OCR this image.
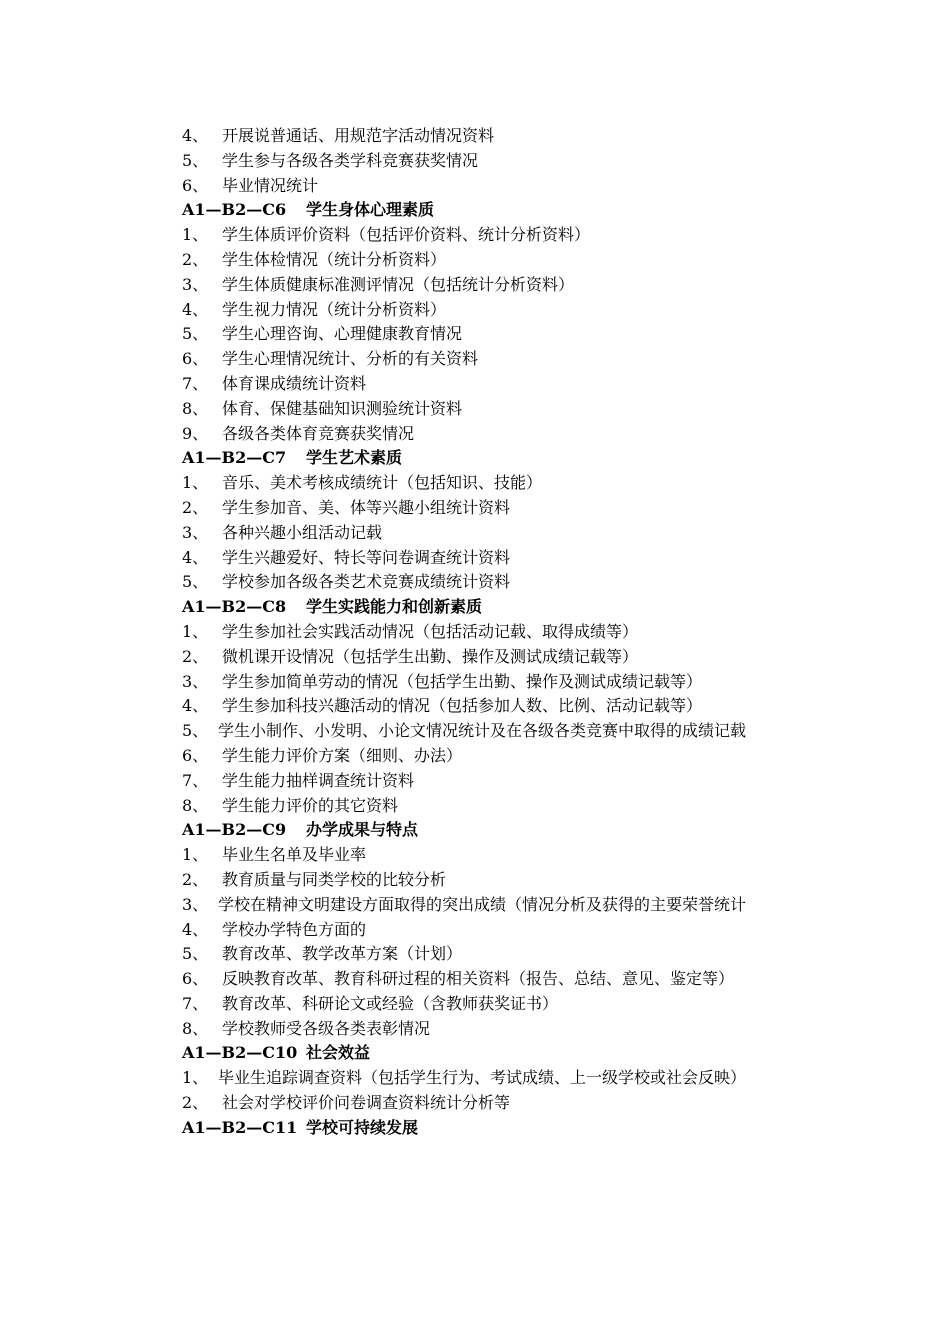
4、 开展说普通话、用规范字活动情况资料
5、 学生参与各级各类学科竞赛获奖情况
6、 毕业情况统计
A1—B2—C6 学生身体心理素质
1、 学生体质评价资料（包括评价资料、统计分析资料）
2、 学生体检情况（统计分析资料）
3、 学生体质健康标准测评情况（包括统计分析资料）
4、 学生视力情况（统计分析资料）
5、 学生心理咨询、心理健康教育情况
6、 学生心理情况统计、分析的有关资料
7、 体育课成绩统计资料
8、 体育、保健基础知识测验统计资料
9、 各级各类体育竞赛获奖情况
A1—B2—C7 学生艺术素质
1、 音乐、美术考核成绩统计（包括知识、技能）
2、 学生参加音、美、体等兴趣小组统计资料
3、 各种兴趣小组活动记载
4、 学生兴趣爱好、特长等问卷调查统计资料
5、 学校参加各级各类艺术竞赛成绩统计资料
A1—B2—C8 学生实践能力和创新素质
1、 学生参加社会实践活动情况（包括活动记载、取得成绩等）
2、 微机课开设情况（包括学生出勤、操作及测试成绩记载等）
3、 学生参加简单劳动的情况（包括学生出勤、操作及测试成绩记载等）
4、 学生参加科技兴趣活动的情况（包括参加人数、比例、活动记载等）
5、 学生小制作、小发明、小论文情况统计及在各级各类竞赛中取得的成绩记载
6、 学生能力评价方案（细则、办法）
7、 学生能力抽样调查统计资料
8、 学生能力评价的其它资料
A1—B2—C9 办学成果与特点
1、 毕业生名单及毕业率
2、 教育质量与同类学校的比较分析
3、 学校在精神文明建设方面取得的突出成绩（情况分析及获得的主要荣誉统计
4、 学校办学特色方面的
5、 教育改革、教学改革方案（计划）
6、 反映教育改革、教育科研过程的相关资料（报告、总结、意见、鉴定等）
7、 教育改革、科研论文或经验（含教师获奖证书）
8、 学校教师受各级各类表彰情况
A1—B2—C10 社会效益
1、 毕业生追踪调查资料（包括学生行为、考试成绩、上一级学校或社会反映）
2、 社会对学校评价问卷调查资料统计分析等
A1—B2—C11 学校可持续发展
